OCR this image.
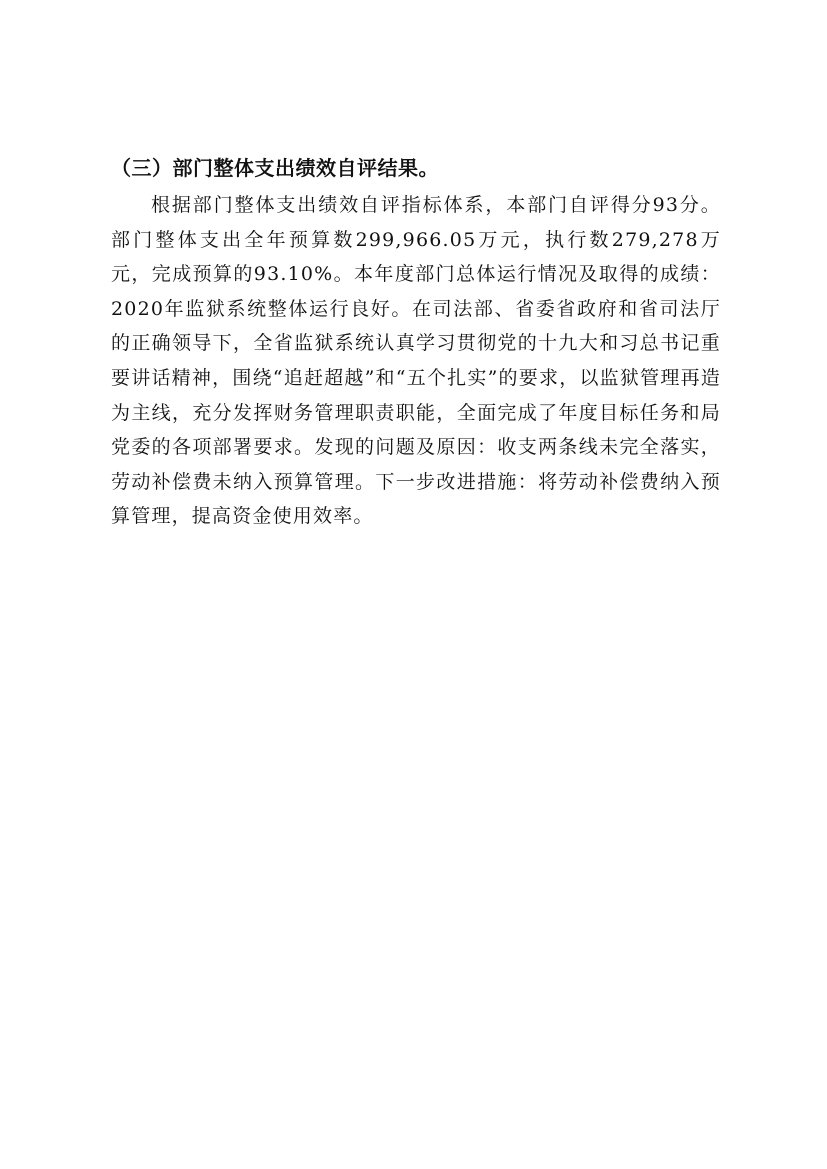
（三）部门整体支出绩效自评结果。

根据部门整体支出绩效自评指标体系，本部门自评得分93分。部门整体支出全年预算数299,966.05万元，执行数279,278万元，完成预算的93.10%。本年度部门总体运行情况及取得的成绩：2020年监狱系统整体运行良好。在司法部、省委省政府和省司法厅的正确领导下，全省监狱系统认真学习贯彻党的十九大和习总书记重要讲话精神，围绕“追赶超越”和“五个扎实”的要求，以监狱管理再造为主线，充分发挥财务管理职责职能，全面完成了年度目标任务和局党委的各项部署要求。发现的问题及原因：收支两条线未完全落实，劳动补偿费未纳入预算管理。下一步改进措施：将劳动补偿费纳入预算管理，提高资金使用效率。
